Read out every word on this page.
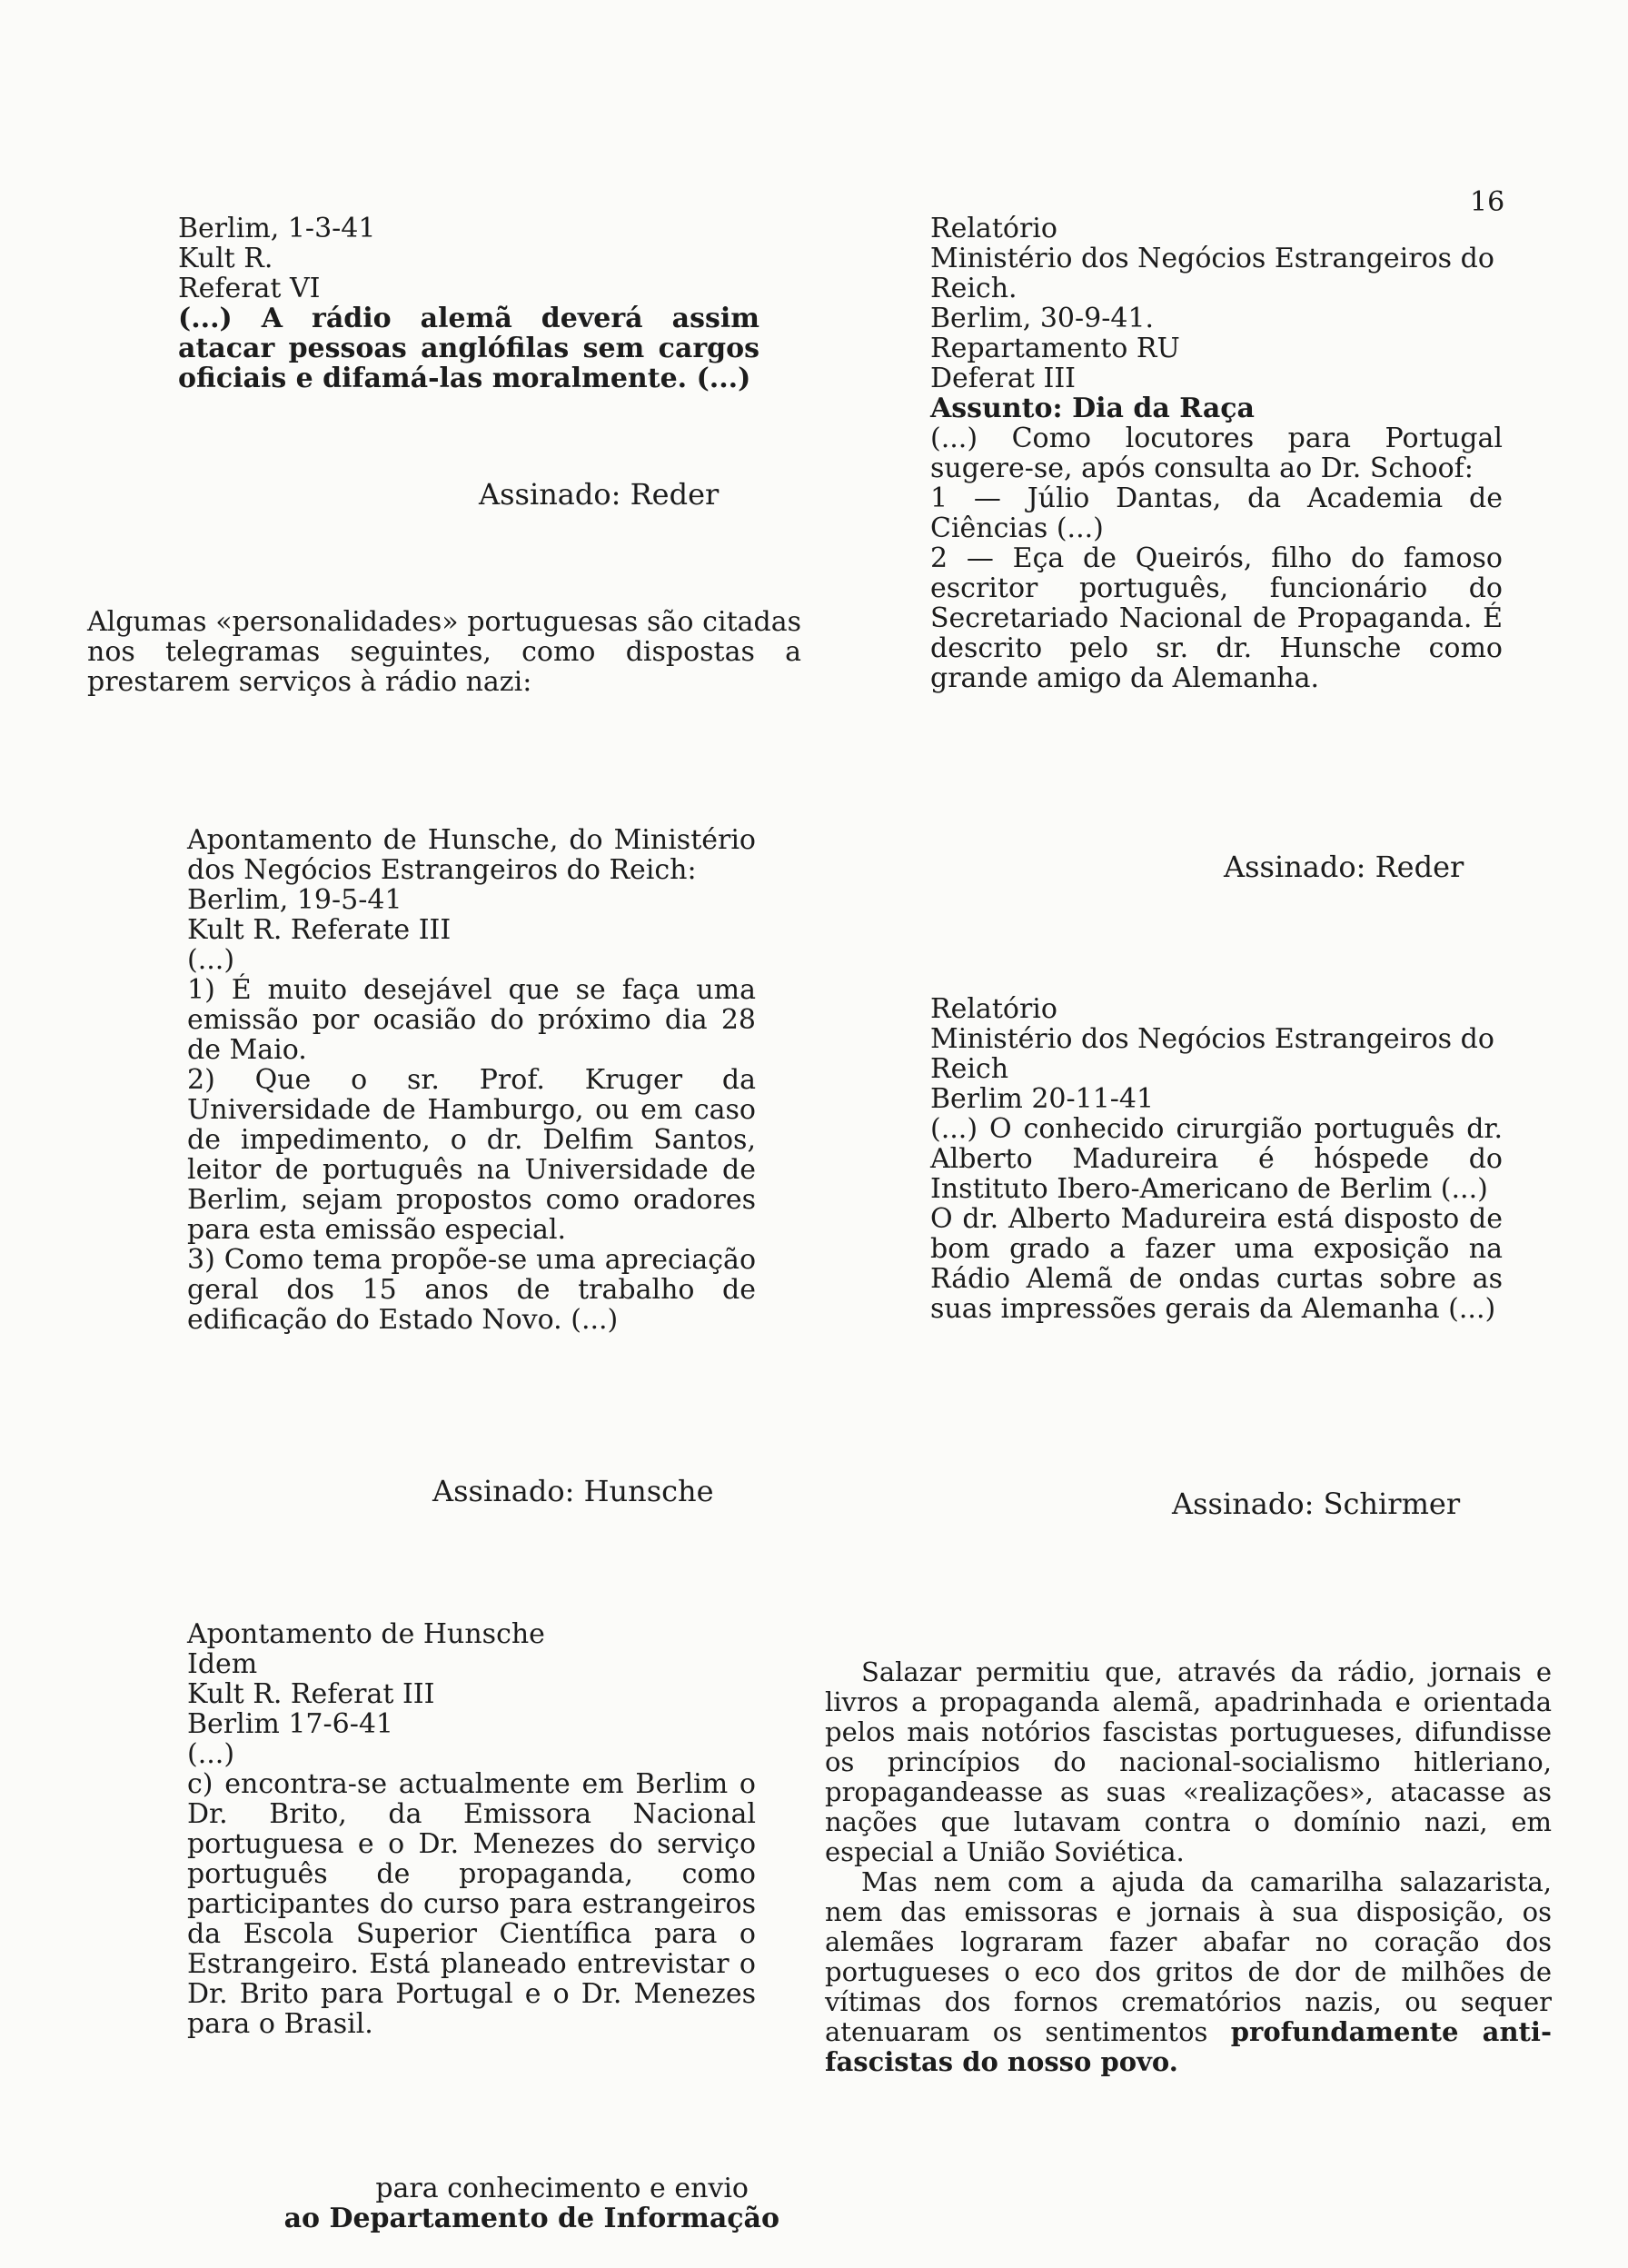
16

Berlim, 1-3-41

Kult R.

Referat VI

(...) A rádio alemã deverá assim atacar pessoas anglófilas sem cargos oficiais e difamá-las moralmente. (...)

Assinado: Reder

Algumas «personalidades» portuguesas são citadas nos telegramas seguintes, como dispostas a prestarem serviços à rádio nazi:

Apontamento de Hunsche, do Ministério dos Negócios Estrangeiros do Reich:

Berlim, 19-5-41

Kult R. Referate III

(...)

1) É muito desejável que se faça uma emissão por ocasião do próximo dia 28 de Maio.

2) Que o sr. Prof. Kruger da Universidade de Hamburgo, ou em caso de impedimento, o dr. Delfim Santos, leitor de português na Universidade de Berlim, sejam propostos como oradores para esta emissão especial.

3) Como tema propõe-se uma apreciação geral dos 15 anos de trabalho de edificação do Estado Novo. (...)

Assinado: Hunsche

Apontamento de Hunsche

Idem

Kult R. Referat III

Berlim 17-6-41

(...)

c) encontra-se actualmente em Berlim o Dr. Brito, da Emissora Nacional portuguesa e o Dr. Menezes do serviço português de propaganda, como participantes do curso para estrangeiros da Escola Superior Científica para o Estrangeiro. Está planeado entrevistar o Dr. Brito para Portugal e o Dr. Menezes para o Brasil.

para conhecimento e envio

ao Departamento de Informação

Relatório

Ministério dos Negócios Estrangeiros do Reich.

Berlim, 30-9-41.

Repartamento RU

Deferat III

Assunto: Dia da Raça

(...) Como locutores para Portugal sugere-se, após consulta ao Dr. Schoof:

1 — Júlio Dantas, da Academia de Ciências (...)

2 — Eça de Queirós, filho do famoso escritor português, funcionário do Secretariado Nacional de Propaganda. É descrito pelo sr. dr. Hunsche como grande amigo da Alemanha.

Assinado: Reder

Relatório

Ministério dos Negócios Estrangeiros do Reich

Berlim 20-11-41

(...) O conhecido cirurgião português dr. Alberto Madureira é hóspede do Instituto Ibero-Americano de Berlim (...)

O dr. Alberto Madureira está disposto de bom grado a fazer uma exposição na Rádio Alemã de ondas curtas sobre as suas impressões gerais da Alemanha (...)

Assinado: Schirmer

Salazar permitiu que, através da rádio, jornais e livros a propaganda alemã, apadrinhada e orientada pelos mais notórios fascistas portugueses, difundisse os princípios do nacional-socialismo hitleriano, propagandeasse as suas «realizações», atacasse as nações que lutavam contra o domínio nazi, em especial a União Soviética.

Mas nem com a ajuda da camarilha salazarista, nem das emissoras e jornais à sua disposição, os alemães lograram fazer abafar no coração dos portugueses o eco dos gritos de dor de milhões de vítimas dos fornos crematórios nazis, ou sequer atenuaram os sentimentos profundamente anti-fascistas do nosso povo.
